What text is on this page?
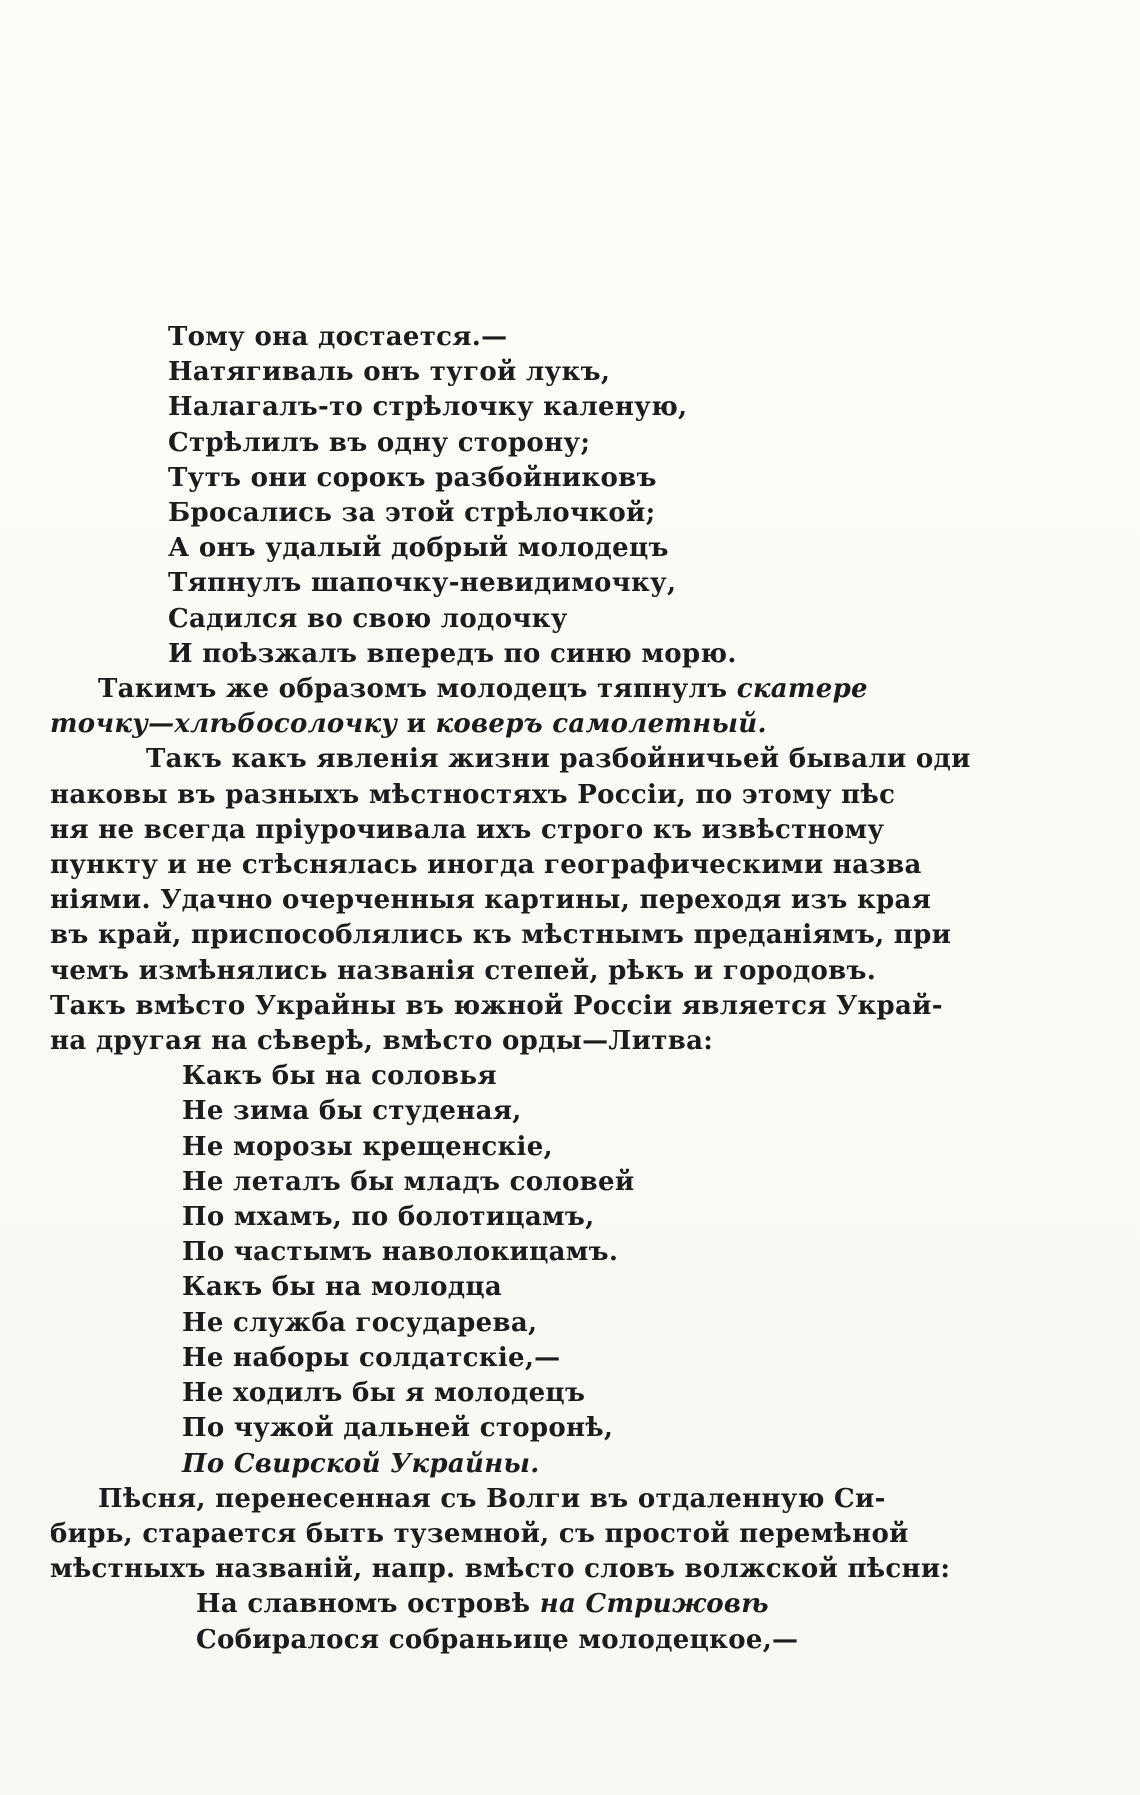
Тому она достается.—
Натягиваль онъ тугой лукъ,
Налагалъ-то стрѣлочку каленую,
Стрѣлилъ въ одну сторону;
Тутъ они сорокъ разбойниковъ
Бросались за этой стрѣлочкой;
А онъ удалый добрый молодецъ
Тяпнулъ шапочку-невидимочку,
Садился во свою лодочку
И поѣзжалъ впередъ по синю морю.
Такимъ же образомъ молодецъ тяпнулъ скатере
точку—хлѣбосолочку и коверъ самолетный.
Такъ какъ явленія жизни разбойничьей бывали оди
наковы въ разныхъ мѣстностяхъ Россіи, по этому пѣс
ня не всегда пріурочивала ихъ строго къ извѣстному
пункту и не стѣснялась иногда географическими назва
ніями. Удачно очерченныя картины, переходя изъ края
въ край, приспособлялись къ мѣстнымъ преданіямъ, при
чемъ измѣнялись названія степей, рѣкъ и городовъ.
Такъ вмѣсто Украйны въ южной Россіи является Украй-
на другая на сѣверѣ, вмѣсто орды—Литва:
Какъ бы на соловья
Не зима бы студеная,
Не морозы крещенскіе,
Не леталъ бы младъ соловей
По мхамъ, по болотицамъ,
По частымъ наволокицамъ.
Какъ бы на молодца
Не служба государева,
Не наборы солдатскіе,—
Не ходилъ бы я молодецъ
По чужой дальней сторонѣ,
По Свирской Украйны.
Пѣсня, перенесенная съ Волги въ отдаленную Си-
бирь, старается быть туземной, съ простой перемѣной
мѣстныхъ названій, напр. вмѣсто словъ волжской пѣсни:
На славномъ островѣ на Стрижовѣ
Собиралося собраньице молодецкое,—
